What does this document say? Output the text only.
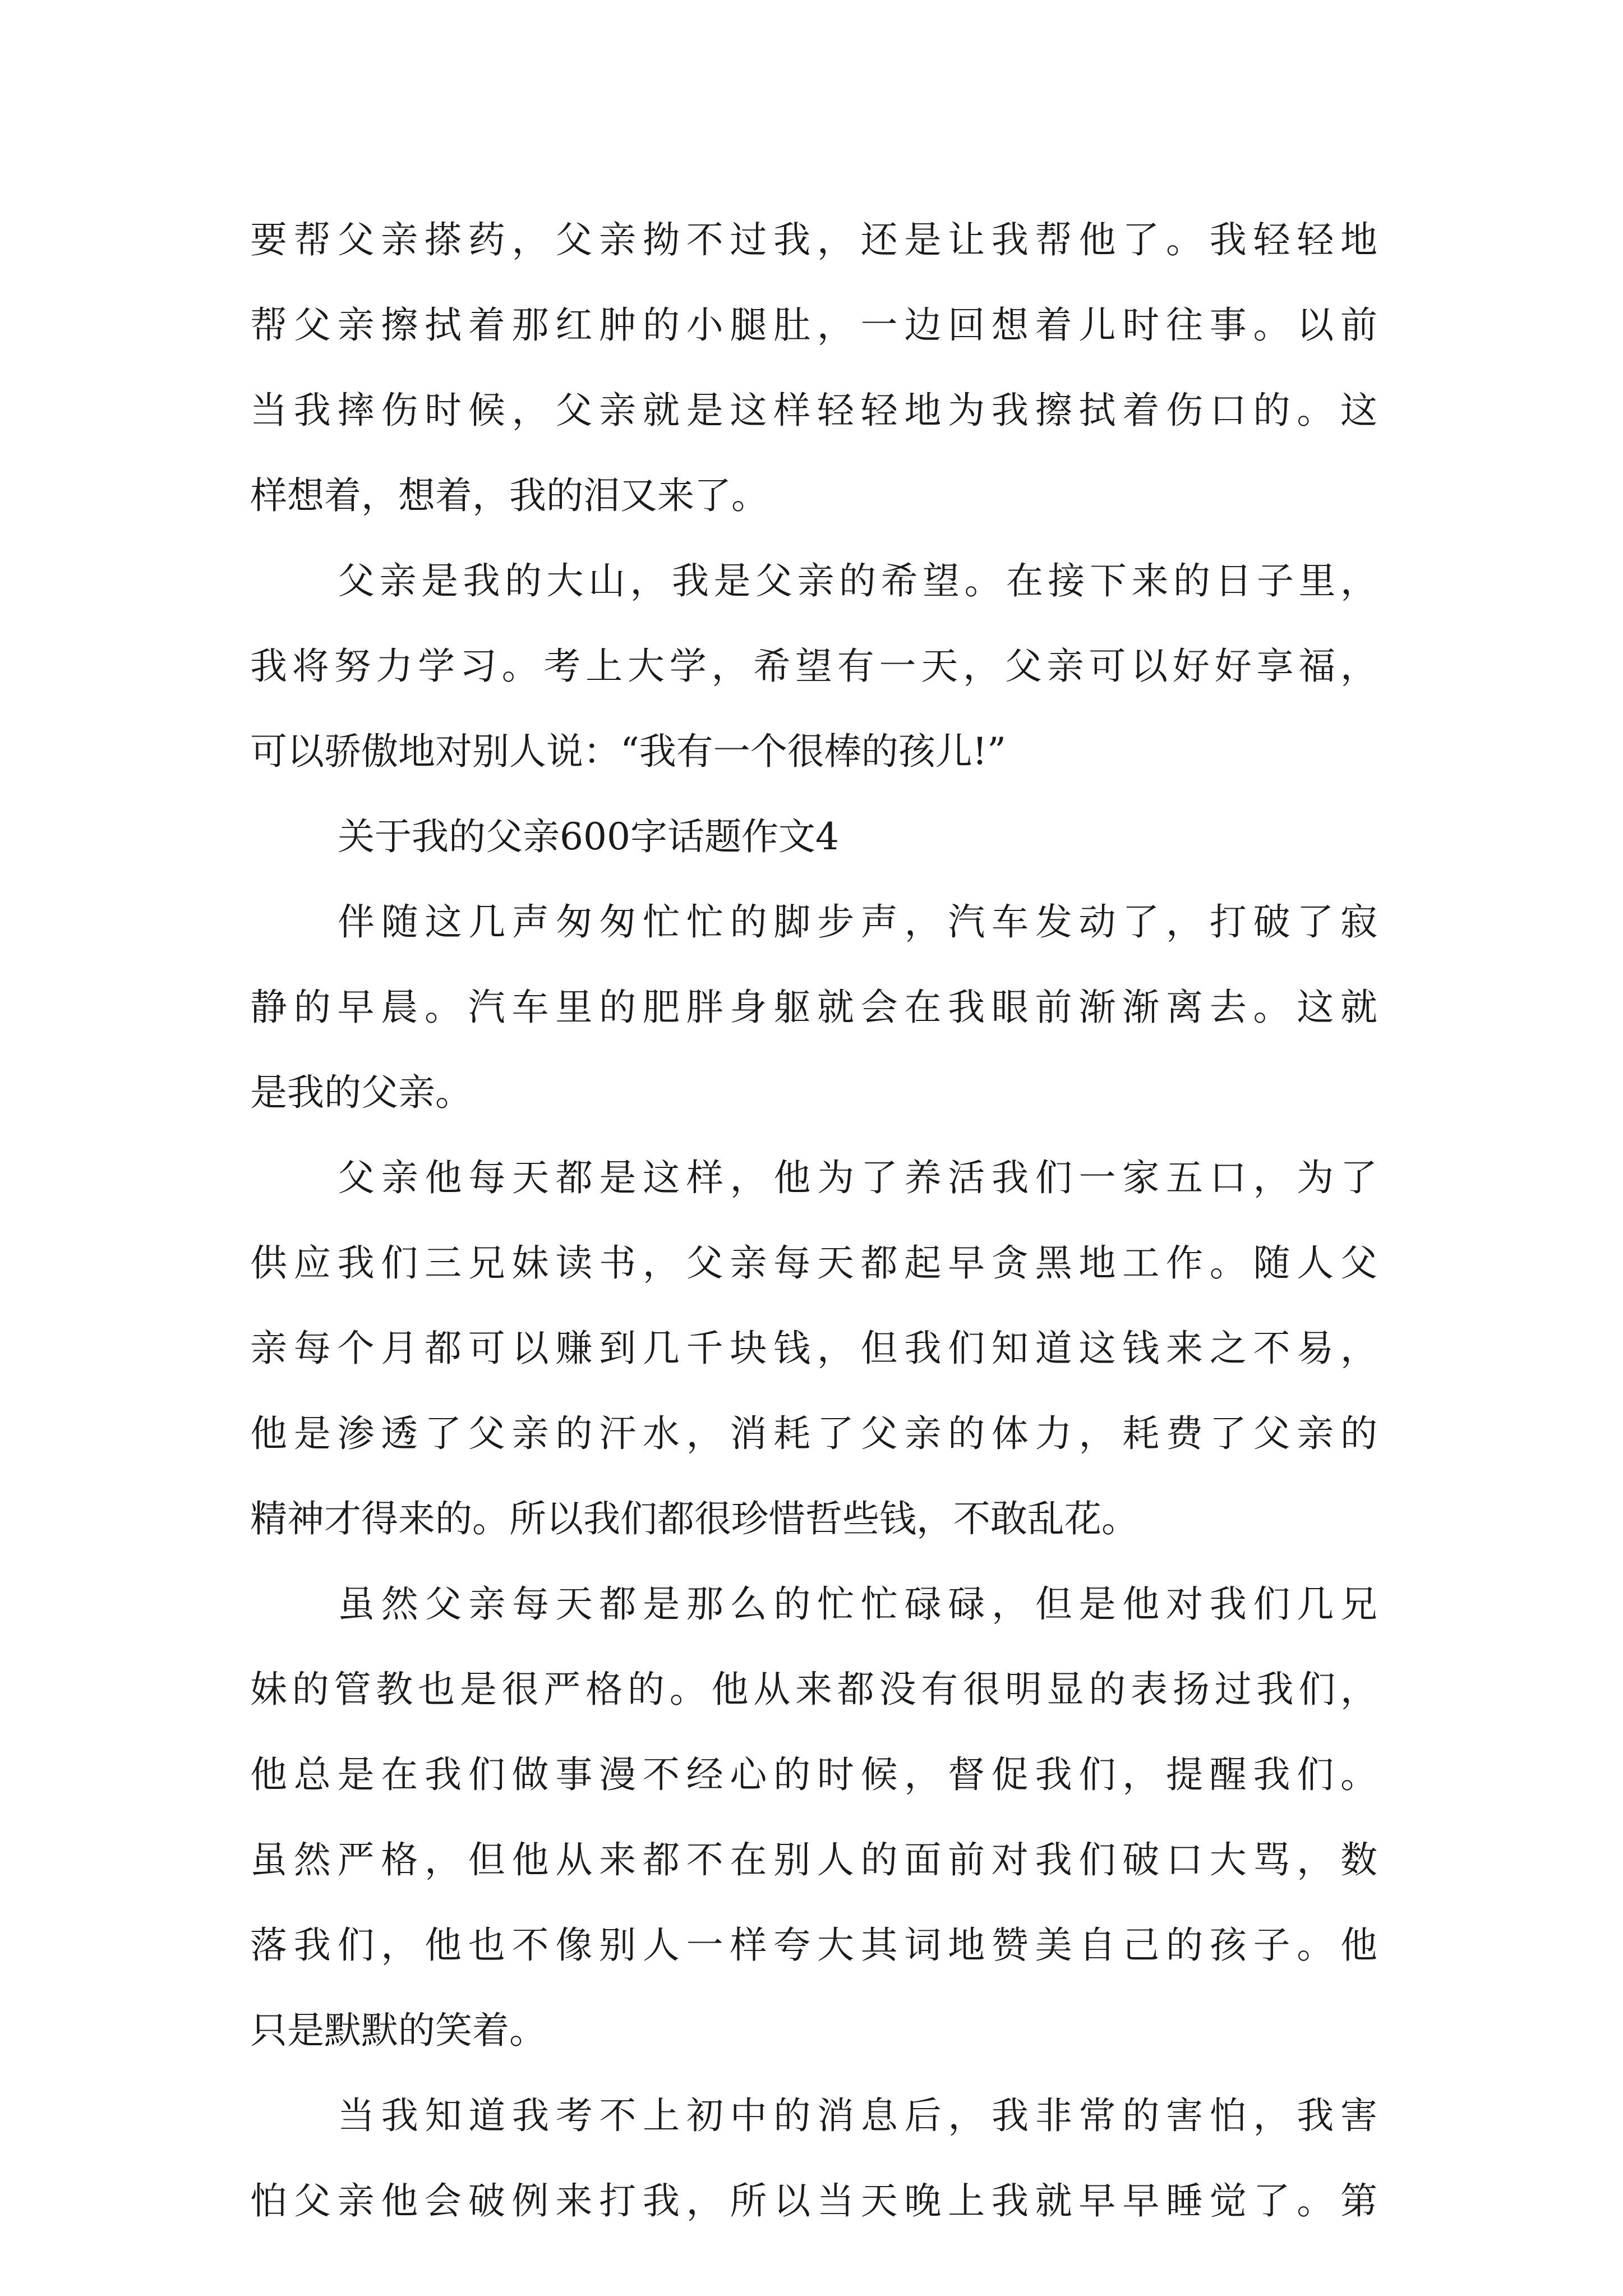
要帮父亲搽药，父亲拗不过我，还是让我帮他了。我轻轻地
帮父亲擦拭着那红肿的小腿肚，一边回想着儿时往事。以前
当我摔伤时候，父亲就是这样轻轻地为我擦拭着伤口的。这
样想着，想着，我的泪又来了。
父亲是我的大山，我是父亲的希望。在接下来的日子里，
我将努力学习。考上大学，希望有一天，父亲可以好好享福，
可以骄傲地对别人说：“我有一个很棒的孩儿!”
关于我的父亲600字话题作文4
伴随这几声匆匆忙忙的脚步声，汽车发动了，打破了寂
静的早晨。汽车里的肥胖身躯就会在我眼前渐渐离去。这就
是我的父亲。
父亲他每天都是这样，他为了养活我们一家五口，为了
供应我们三兄妹读书，父亲每天都起早贪黑地工作。随人父
亲每个月都可以赚到几千块钱，但我们知道这钱来之不易，
他是渗透了父亲的汗水，消耗了父亲的体力，耗费了父亲的
精神才得来的。所以我们都很珍惜哲些钱，不敢乱花。
虽然父亲每天都是那么的忙忙碌碌，但是他对我们几兄
妹的管教也是很严格的。他从来都没有很明显的表扬过我们，
他总是在我们做事漫不经心的时候，督促我们，提醒我们。
虽然严格，但他从来都不在别人的面前对我们破口大骂，数
落我们，他也不像别人一样夸大其词地赞美自己的孩子。他
只是默默的笑着。
当我知道我考不上初中的消息后，我非常的害怕，我害
怕父亲他会破例来打我，所以当天晚上我就早早睡觉了。第
